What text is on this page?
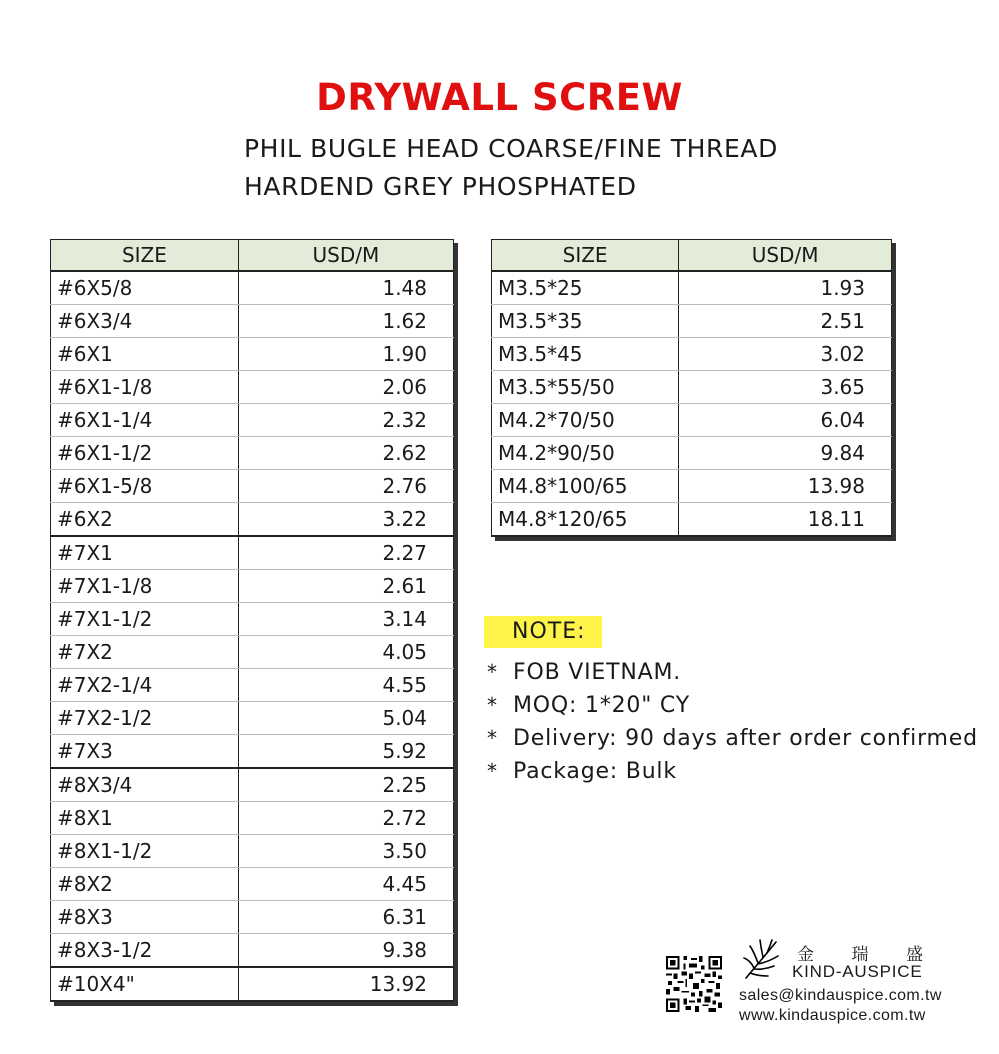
DRYWALL SCREW
PHIL BUGLE HEAD COARSE/FINE THREAD
HARDEND GREY PHOSPHATED
SIZE	USD/M
#6X5/8	1.48
#6X3/4	1.62
#6X1	1.90
#6X1-1/8	2.06
#6X1-1/4	2.32
#6X1-1/2	2.62
#6X1-5/8	2.76
#6X2	3.22
#7X1	2.27
#7X1-1/8	2.61
#7X1-1/2	3.14
#7X2	4.05
#7X2-1/4	4.55
#7X2-1/2	5.04
#7X3	5.92
#8X3/4	2.25
#8X1	2.72
#8X1-1/2	3.50
#8X2	4.45
#8X3	6.31
#8X3-1/2	9.38
#10X4"	13.92
SIZE	USD/M
M3.5*25	1.93
M3.5*35	2.51
M3.5*45	3.02
M3.5*55/50	3.65
M4.2*70/50	6.04
M4.2*90/50	9.84
M4.8*100/65	13.98
M4.8*120/65	18.11
NOTE:
* FOB VIETNAM.
* MOQ: 1*20" CY
* Delivery: 90 days after order confirmed
* Package: Bulk
金 瑞 盛
KIND-AUSPICE
sales@kindauspice.com.tw
www.kindauspice.com.tw
